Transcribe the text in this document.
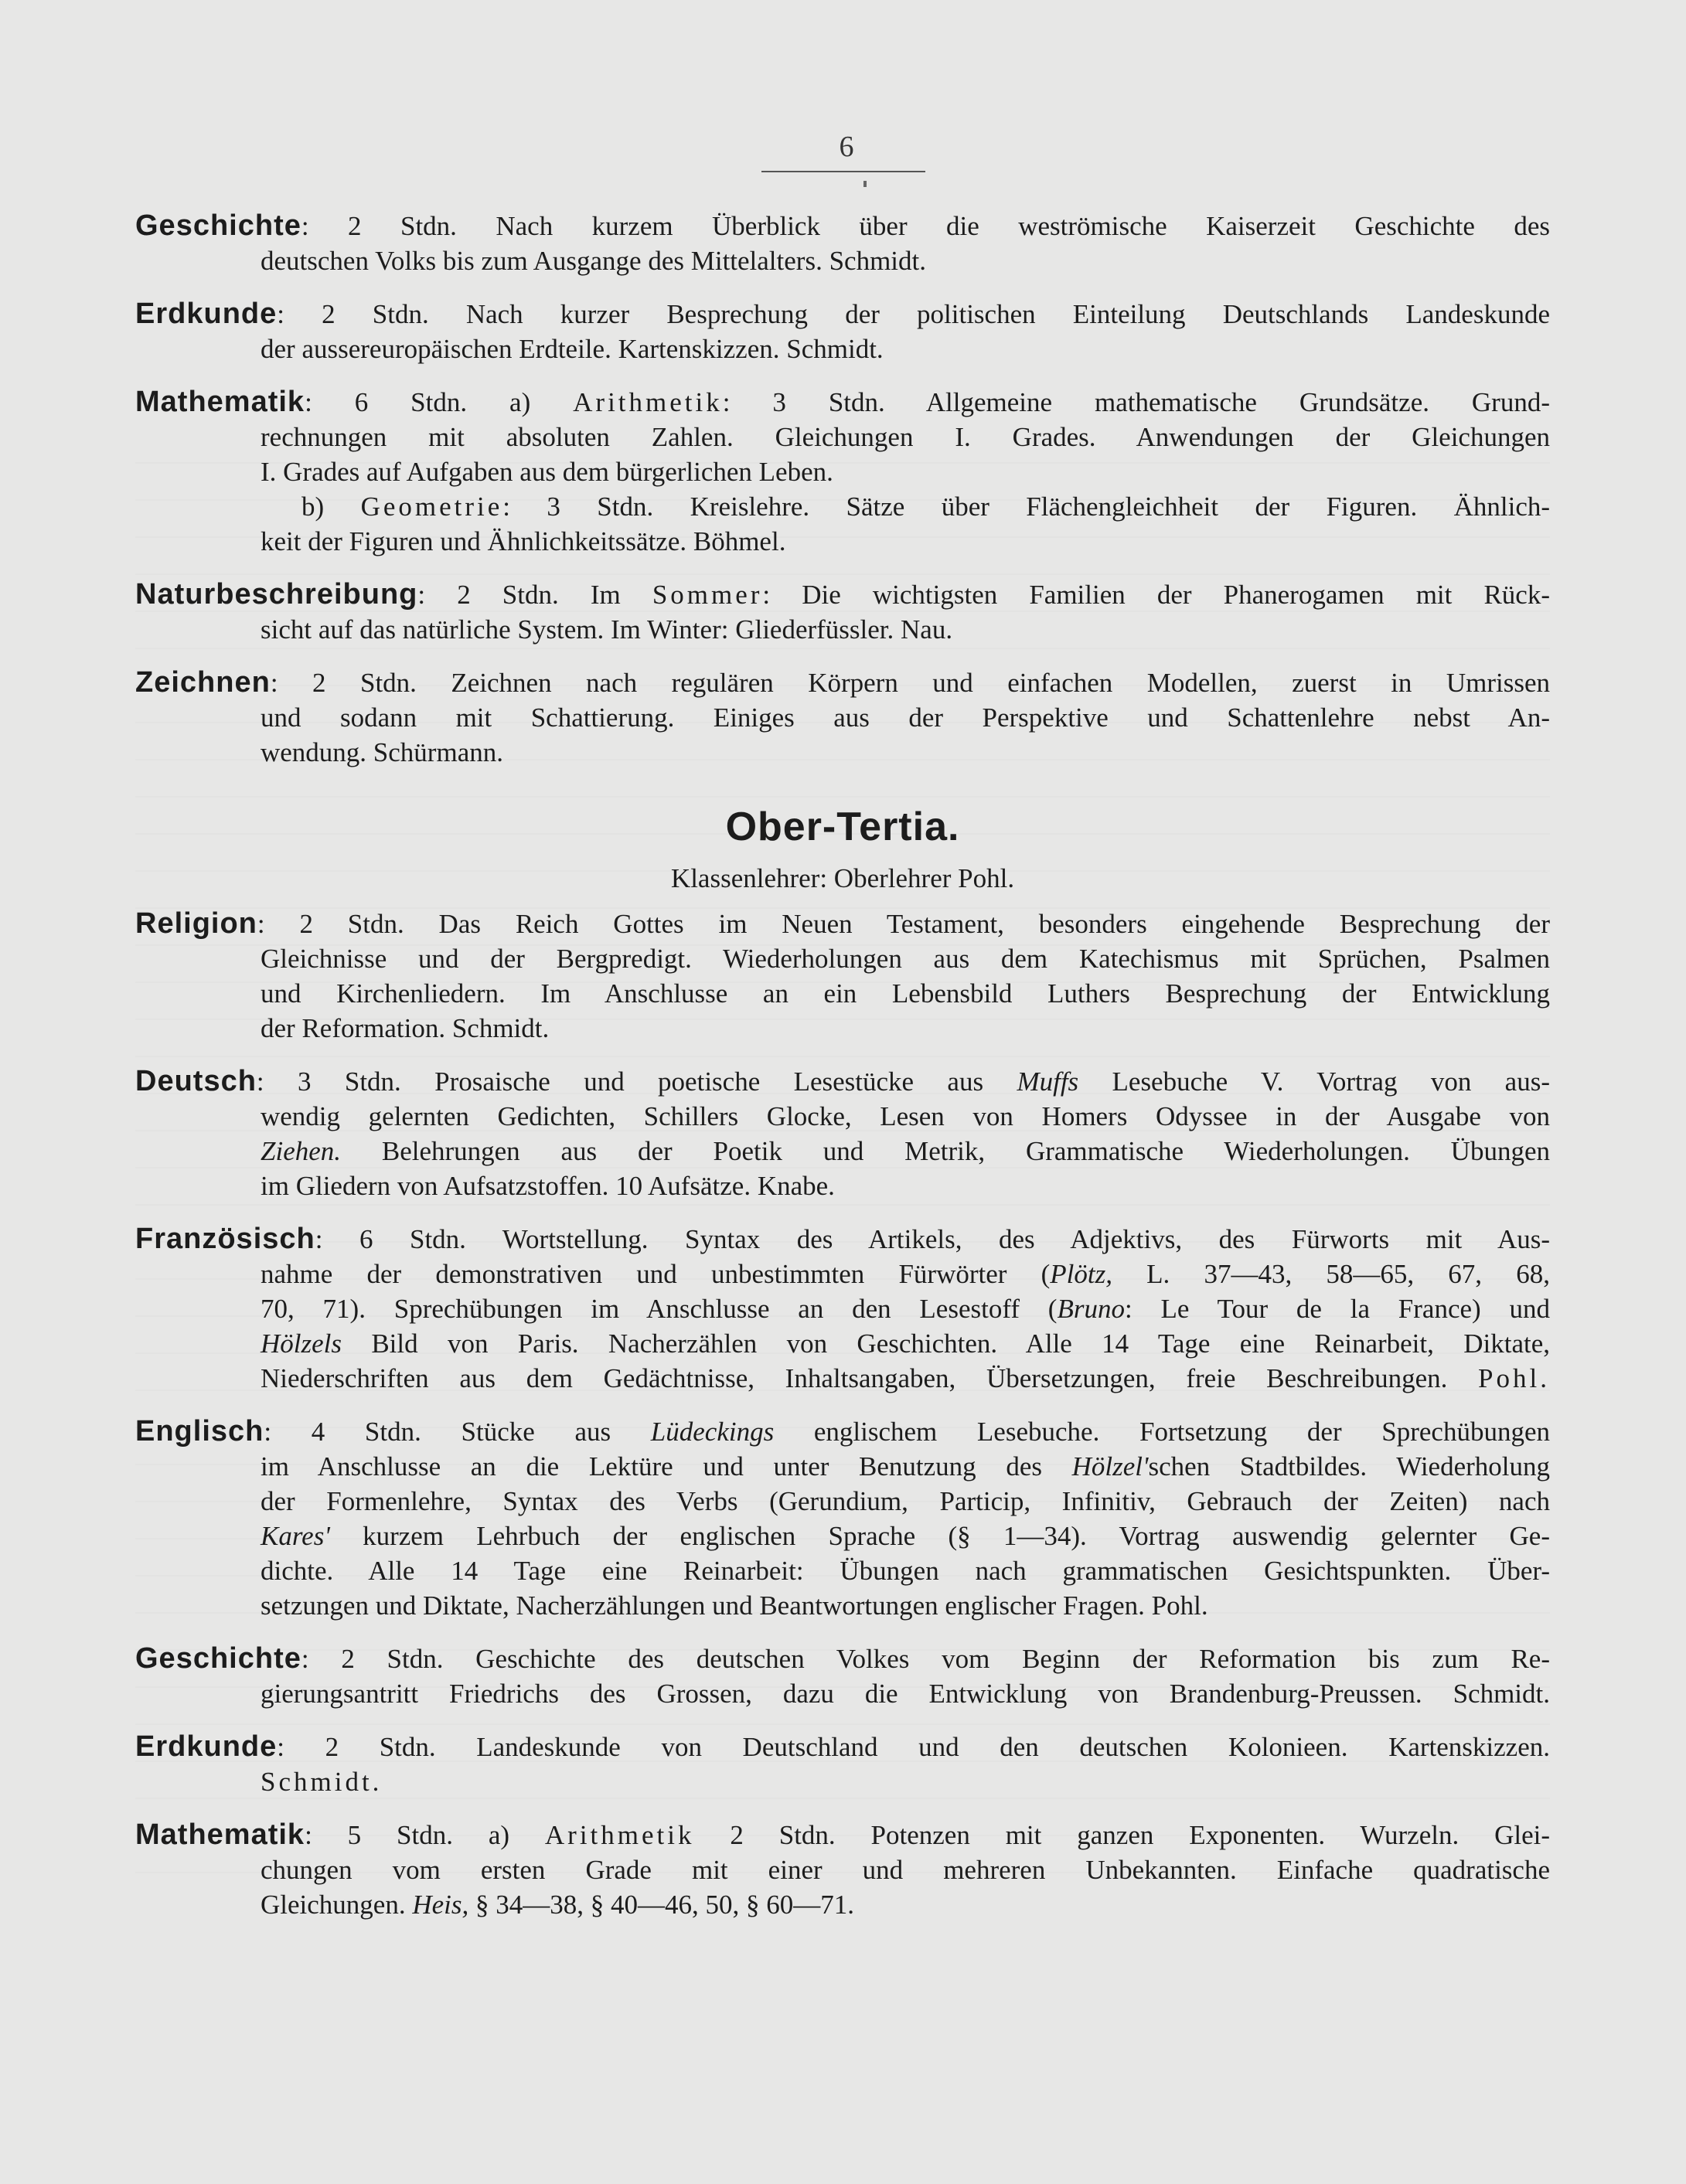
6
Geschichte: 2 Stdn. Nach kurzem Überblick über die weströmische Kaiserzeit Geschichte des
deutschen Volks bis zum Ausgange des Mittelalters. Schmidt.
Erdkunde: 2 Stdn. Nach kurzer Besprechung der politischen Einteilung Deutschlands Landeskunde
der aussereuropäischen Erdteile. Kartenskizzen. Schmidt.
Mathematik: 6 Stdn. a) Arithmetik: 3 Stdn. Allgemeine mathematische Grundsätze. Grund-
rechnungen mit absoluten Zahlen. Gleichungen I. Grades. Anwendungen der Gleichungen
I. Grades auf Aufgaben aus dem bürgerlichen Leben.
b) Geometrie: 3 Stdn. Kreislehre. Sätze über Flächengleichheit der Figuren. Ähnlich-
keit der Figuren und Ähnlichkeitssätze. Böhmel.
Naturbeschreibung: 2 Stdn. Im Sommer: Die wichtigsten Familien der Phanerogamen mit Rück-
sicht auf das natürliche System. Im Winter: Gliederfüssler. Nau.
Zeichnen: 2 Stdn. Zeichnen nach regulären Körpern und einfachen Modellen, zuerst in Umrissen
und sodann mit Schattierung. Einiges aus der Perspektive und Schattenlehre nebst An-
wendung. Schürmann.
Ober-Tertia.
Klassenlehrer: Oberlehrer Pohl.
Religion: 2 Stdn. Das Reich Gottes im Neuen Testament, besonders eingehende Besprechung der
Gleichnisse und der Bergpredigt. Wiederholungen aus dem Katechismus mit Sprüchen, Psalmen
und Kirchenliedern. Im Anschlusse an ein Lebensbild Luthers Besprechung der Entwicklung
der Reformation. Schmidt.
Deutsch: 3 Stdn. Prosaische und poetische Lesestücke aus Muffs Lesebuche V. Vortrag von aus-
wendig gelernten Gedichten, Schillers Glocke, Lesen von Homers Odyssee in der Ausgabe von
Ziehen. Belehrungen aus der Poetik und Metrik, Grammatische Wiederholungen. Übungen
im Gliedern von Aufsatzstoffen. 10 Aufsätze. Knabe.
Französisch: 6 Stdn. Wortstellung. Syntax des Artikels, des Adjektivs, des Fürworts mit Aus-
nahme der demonstrativen und unbestimmten Fürwörter (Plötz, L. 37—43, 58—65, 67, 68,
70, 71). Sprechübungen im Anschlusse an den Lesestoff (Bruno: Le Tour de la France) und
Hölzels Bild von Paris. Nacherzählen von Geschichten. Alle 14 Tage eine Reinarbeit, Diktate,
Niederschriften aus dem Gedächtnisse, Inhaltsangaben, Übersetzungen, freie Beschreibungen. Pohl.
Englisch: 4 Stdn. Stücke aus Lüdeckings englischem Lesebuche. Fortsetzung der Sprechübungen
im Anschlusse an die Lektüre und unter Benutzung des Hölzel'schen Stadtbildes. Wiederholung
der Formenlehre, Syntax des Verbs (Gerundium, Particip, Infinitiv, Gebrauch der Zeiten) nach
Kares' kurzem Lehrbuch der englischen Sprache (§ 1—34). Vortrag auswendig gelernter Ge-
dichte. Alle 14 Tage eine Reinarbeit: Übungen nach grammatischen Gesichtspunkten. Über-
setzungen und Diktate, Nacherzählungen und Beantwortungen englischer Fragen. Pohl.
Geschichte: 2 Stdn. Geschichte des deutschen Volkes vom Beginn der Reformation bis zum Re-
gierungsantritt Friedrichs des Grossen, dazu die Entwicklung von Brandenburg-Preussen. Schmidt.
Erdkunde: 2 Stdn. Landeskunde von Deutschland und den deutschen Kolonieen. Kartenskizzen.
Schmidt.
Mathematik: 5 Stdn. a) Arithmetik 2 Stdn. Potenzen mit ganzen Exponenten. Wurzeln. Glei-
chungen vom ersten Grade mit einer und mehreren Unbekannten. Einfache quadratische
Gleichungen. Heis, § 34—38, § 40—46, 50, § 60—71.
